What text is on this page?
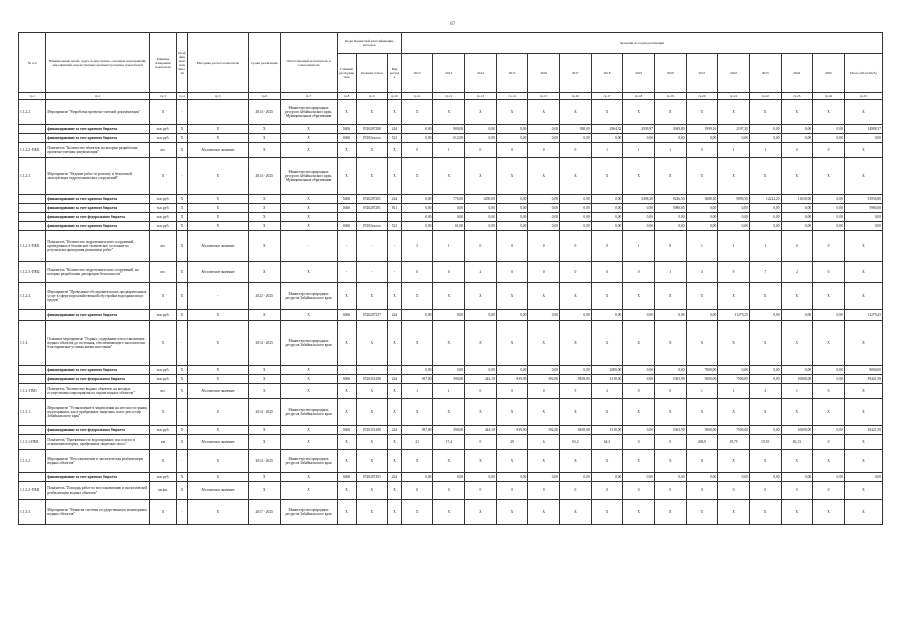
67
№ п/п	Наименование целей, задач, подпрограмм, основных мероприятий, мероприятий, ведомственных целевых программ, показателей	Единица измерения показателя	Коэффициент значимости	Методика расчета показателя	Сроки реализации	Ответственный исполнитель и соисполнители	Коды бюджетной классификации расходов			Значения по годам реализации														
							Главный распорядитель	Целевая статья	Вид расхода	2012	2013	2014	2015	2016	2017	2018	2019	2020	2021	2022	2023	2024	2025	Итого (2014-2025)
гр.1	гр.2	гр.3	гр.4	гр.5	гр.6	гр.7	гр.8	гр.9	гр.10	гр.11	гр.12	гр.13	гр.14	гр.15	гр.16	гр.17	гр.18	гр.19	гр.20	гр.21	гр.22	гр.23	гр.24	гр.25
1.1.2.2.	Мероприятие "Разработка проектно-сметной документации"	Х	-		2014 - 2025	Министерство природных ресурсов Забайкальского края, Муниципальные образования	Х	Х	Х	Х	Х	Х	Х	Х	Х	Х	Х	Х	Х	Х	Х	Х	Х	Х
	финансирование за счет краевого бюджета	тыс.руб.	Х	Х	Х	Х	0406	0740207280	244	0,00	900,00	0,00	0,00	0,00	938,00	2964,32	2939,97	3049,09	1999,16	2197,30	0,00	0,00	0,00	14988,37
	финансирование за счет краевого бюджета	тыс.руб.	Х	Х	Х	Х	0406	07402xxxxx	521	0,00	612,00	0,00	0,00	0,00	0,00	0,00	0,00	0,00	0,00	0,00	0,00	0,00	0,00	0,00
1.1.2.2.-ПМ1	Показатель "Количество объектов, на которые разработана проектно-сметная документация"	шт.	Х	Абсолютное значение	Х	Х	Х	Х	Х	0	1	0	0	0	0	1	1	1	0	1	1	0	0	Х
1.1.2.3.	Мероприятие "Ведение работ по ремонту и безопасной эксплуатации гидротехнических сооружений"	Х	-	Х	2014 - 2025	Министерство природных ресурсов Забайкальского края, Муниципальные образования	Х	Х	Х	Х	Х	Х	Х	Х	Х	Х	Х	Х	Х	Х	Х	Х	Х	Х
	финансирование за счет краевого бюджета	тыс.руб.	Х	Х	Х	Х	0406	0740207281	244	0,00	776,00	1200,00	0,00	0,00	0,00	0,00	5458,20	9226,50	3688,30	9090,50	12224,20	11650,00	0,00	53956,80
	финансирование за счет краевого бюджета	тыс.руб.	Х	Х	Х	Х	0406	0740207281	811	0,00	0,00	0,00	0,00	0,00	0,00	0,00	0,00	5980,00	0,00	0,00	0,00	0,00	0,00	5980,00
	финансирование за счет федерального бюджета	тыс.руб.	Х	Х	Х	Х				0,00	0,00	0,00	0,00	0,00	0,00	0,00	0,00	0,00	0,00	0,00	0,00	0,00	0,00	0,00
	финансирование за счет краевого бюджета	тыс.руб.	Х	Х	Х	Х	0406	07402xxxxx	521	0,00	61,00	0,00	0,00	0,00	0,00	0,00	0,00	0,00	0,00	0,00	0,00	0,00	0,00	0,00
1.1.2.3.-ПМ1	Показатель "Количество гидротехнических сооружений, проведенных в безопасное техническое состояние по результатам проведения ремонтных работ"	шт.	Х	Абсолютное значение	Х	-	-	-	-	5	1	0	0	0	0	0	1	8	1	1	1	0	0	Х
1.1.2.3.-ПМ2	Показатель "Количество гидротехнических сооружений, на которые разработаны декларации безопасности"	шт.	Х	Абсолютное значение	Х	Х	-	-	-	0	0	2	0	0	0	0	0	1	4	9	7	2	0	Х
1.1.2.4.	Мероприятие "Проведение обследовательских предварительных услуг в сфере водохозяйственной обустройки водохранилищ и прудов"	Х	Х	-	2022 - 2025	Министерство природных ресурсов Забайкальского края	Х	Х	Х	Х	Х	Х	Х	Х	Х	Х	Х	Х	Х	Х	Х	Х	Х	Х
	финансирование за счет краевого бюджета	тыс.руб.	Х	Х	Х	Х	0406	0740207337	244	0,00	0,00	0,00	0,00	0,00	0,00	0,00	0,00	0,00	0,00	11279,25	0,00	0,00	0,00	11279,25
1.1.3.	Основное мероприятие "Охрана, содержание и восстановление водных объектов до состояния, обеспечивающего экологически благоприятные условия жизни населения"	Х	-	Х	2014 - 2025	Министерство природных ресурсов Забайкальского края	Х	Х	Х	Х	Х	Х	Х	Х	Х	Х	Х	Х	Х	Х	Х	Х	Х	Х
	финансирование за счет краевого бюджета	тыс.руб.	Х	Х	Х	Х	-	-	-	0,00	0,00	0,00	0,00	0,00	0,00	2000,00	0,00	0,00	7000,00	0,00	0,00	0,00	0,00	9000,00
	финансирование за счет федерального бюджета	тыс.руб.	Х	Х	Х	Х	0406	0740351280	244	397,00	390,00	444,10	839,90	392,00	8639,00	1318,00	0,00	5365,90	5000,00	7500,00	0,00	10000,00	0,00	39421,58
1.1.3.-ПМ1	Показатель "Количество водных объектов, на которых осуществлены мероприятия по охране водных объектов"	шт.	Х	Абсолютное значение	Х	Х	Х	Х	Х	1	1	0	0	0	3	2	0	0	1	1	2	1	0	Х
1.1.3.1.	Мероприятие "Установление в закреплении на местности границ водоохранных зон и прибрежных защитных полос рек и озер Забайкальского края"	Х	-	Х	2014 - 2025	Министерство природных ресурсов Забайкальского края	Х	Х	Х	Х	Х	Х	Х	Х	Х	Х	Х	Х	Х	Х	Х	Х	Х	Х
	финансирование за счет федерального бюджета	тыс.руб.	Х	Х	Х	Х	0406	0740351280	244	397,00	390,00	444,10	839,90	392,00	8639,00	1318,00	0,00	5365,90	5000,00	7500,00	0,00	10000,00	0,00	39421,58
1.1.3.1-ПМ1	Показатель "Протяженность водоохранных зон и полос в отношении которых, прибрежных защитных полос"	км	Х	Абсолютное значение	Х	Х	Х	Х	Х	21	17,4	0	29	6	65,2	64,3	0	0	268,9	19,75	19,35	82,13	0	Х
1.1.3.2.	Мероприятие "Восстановление и экологическая реабилитация водных объектов"	Х	-	Х	2014 - 2025	Министерство природных ресурсов Забайкальского края	Х	Х	Х	Х	Х	Х	Х	Х	Х	Х	Х	Х	Х	Х	Х	Х	Х	Х
	финансирование за счет краевого бюджета	тыс.руб.	Х	Х	Х	Х	0406	0740407283	244	0,00	0,00	0,00	0,00	0,00	0,00	0,00	0,00	0,00	0,00	0,00	0,00	0,00	0,00	0,00
1.1.3.2.-ПМ1	Показатель "Площадь работ по восстановлению и экологической реабилитации водных объектов"	кв.км.	Х	Абсолютное значение	Х	Х	Х	Х	Х	0	0	0	0	0	0	0	0	0	0	0	0	0	0	Х
1.1.3.3.	Мероприятие "Развитие системы государственного мониторинга водных объектов"	Х	-	Х	2017 - 2025	Министерство природных ресурсов Забайкальского края	Х	Х	Х	Х	Х	Х	Х	Х	Х	Х	Х	Х	Х	Х	Х	Х	Х	Х
